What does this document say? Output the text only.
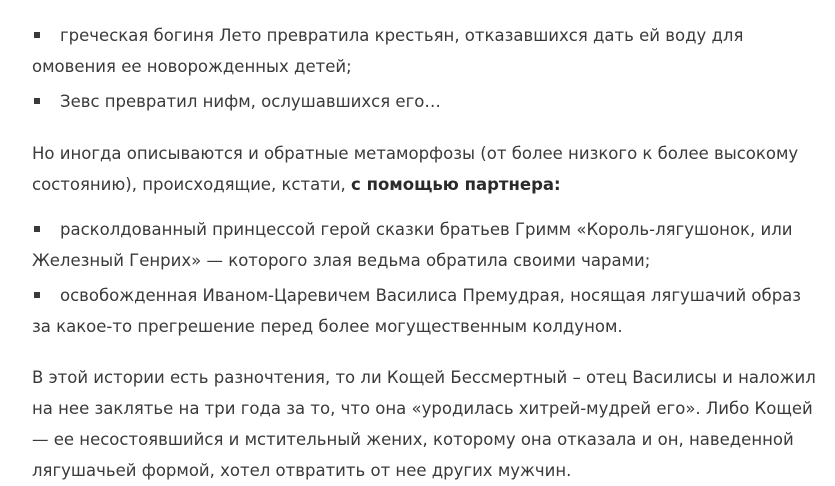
греческая богиня Лето превратила крестьян, отказавшихся дать ей воду для омовения ее новорожденных детей;
Зевс превратил нифм, ослушавшихся его…

Но иногда описываются и обратные метаморфозы (от более низкого к более высокому состоянию), происходящие, кстати, с помощью партнера:

расколдованный принцессой герой сказки братьев Гримм «Король-лягушонок, или Железный Генрих» — которого злая ведьма обратила своими чарами;
освобожденная Иваном-Царевичем Василиса Премудрая, носящая лягушачий образ за какое-то прегрешение перед более могущественным колдуном.

В этой истории есть разночтения, то ли Кощей Бессмертный – отец Василисы и наложил на нее заклятье на три года за то, что она «уродилась хитрей-мудрей его». Либо Кощей — ее несостоявшийся и мстительный жених, которому она отказала и он, наведенной лягушачьей формой, хотел отвратить от нее других мужчин.
